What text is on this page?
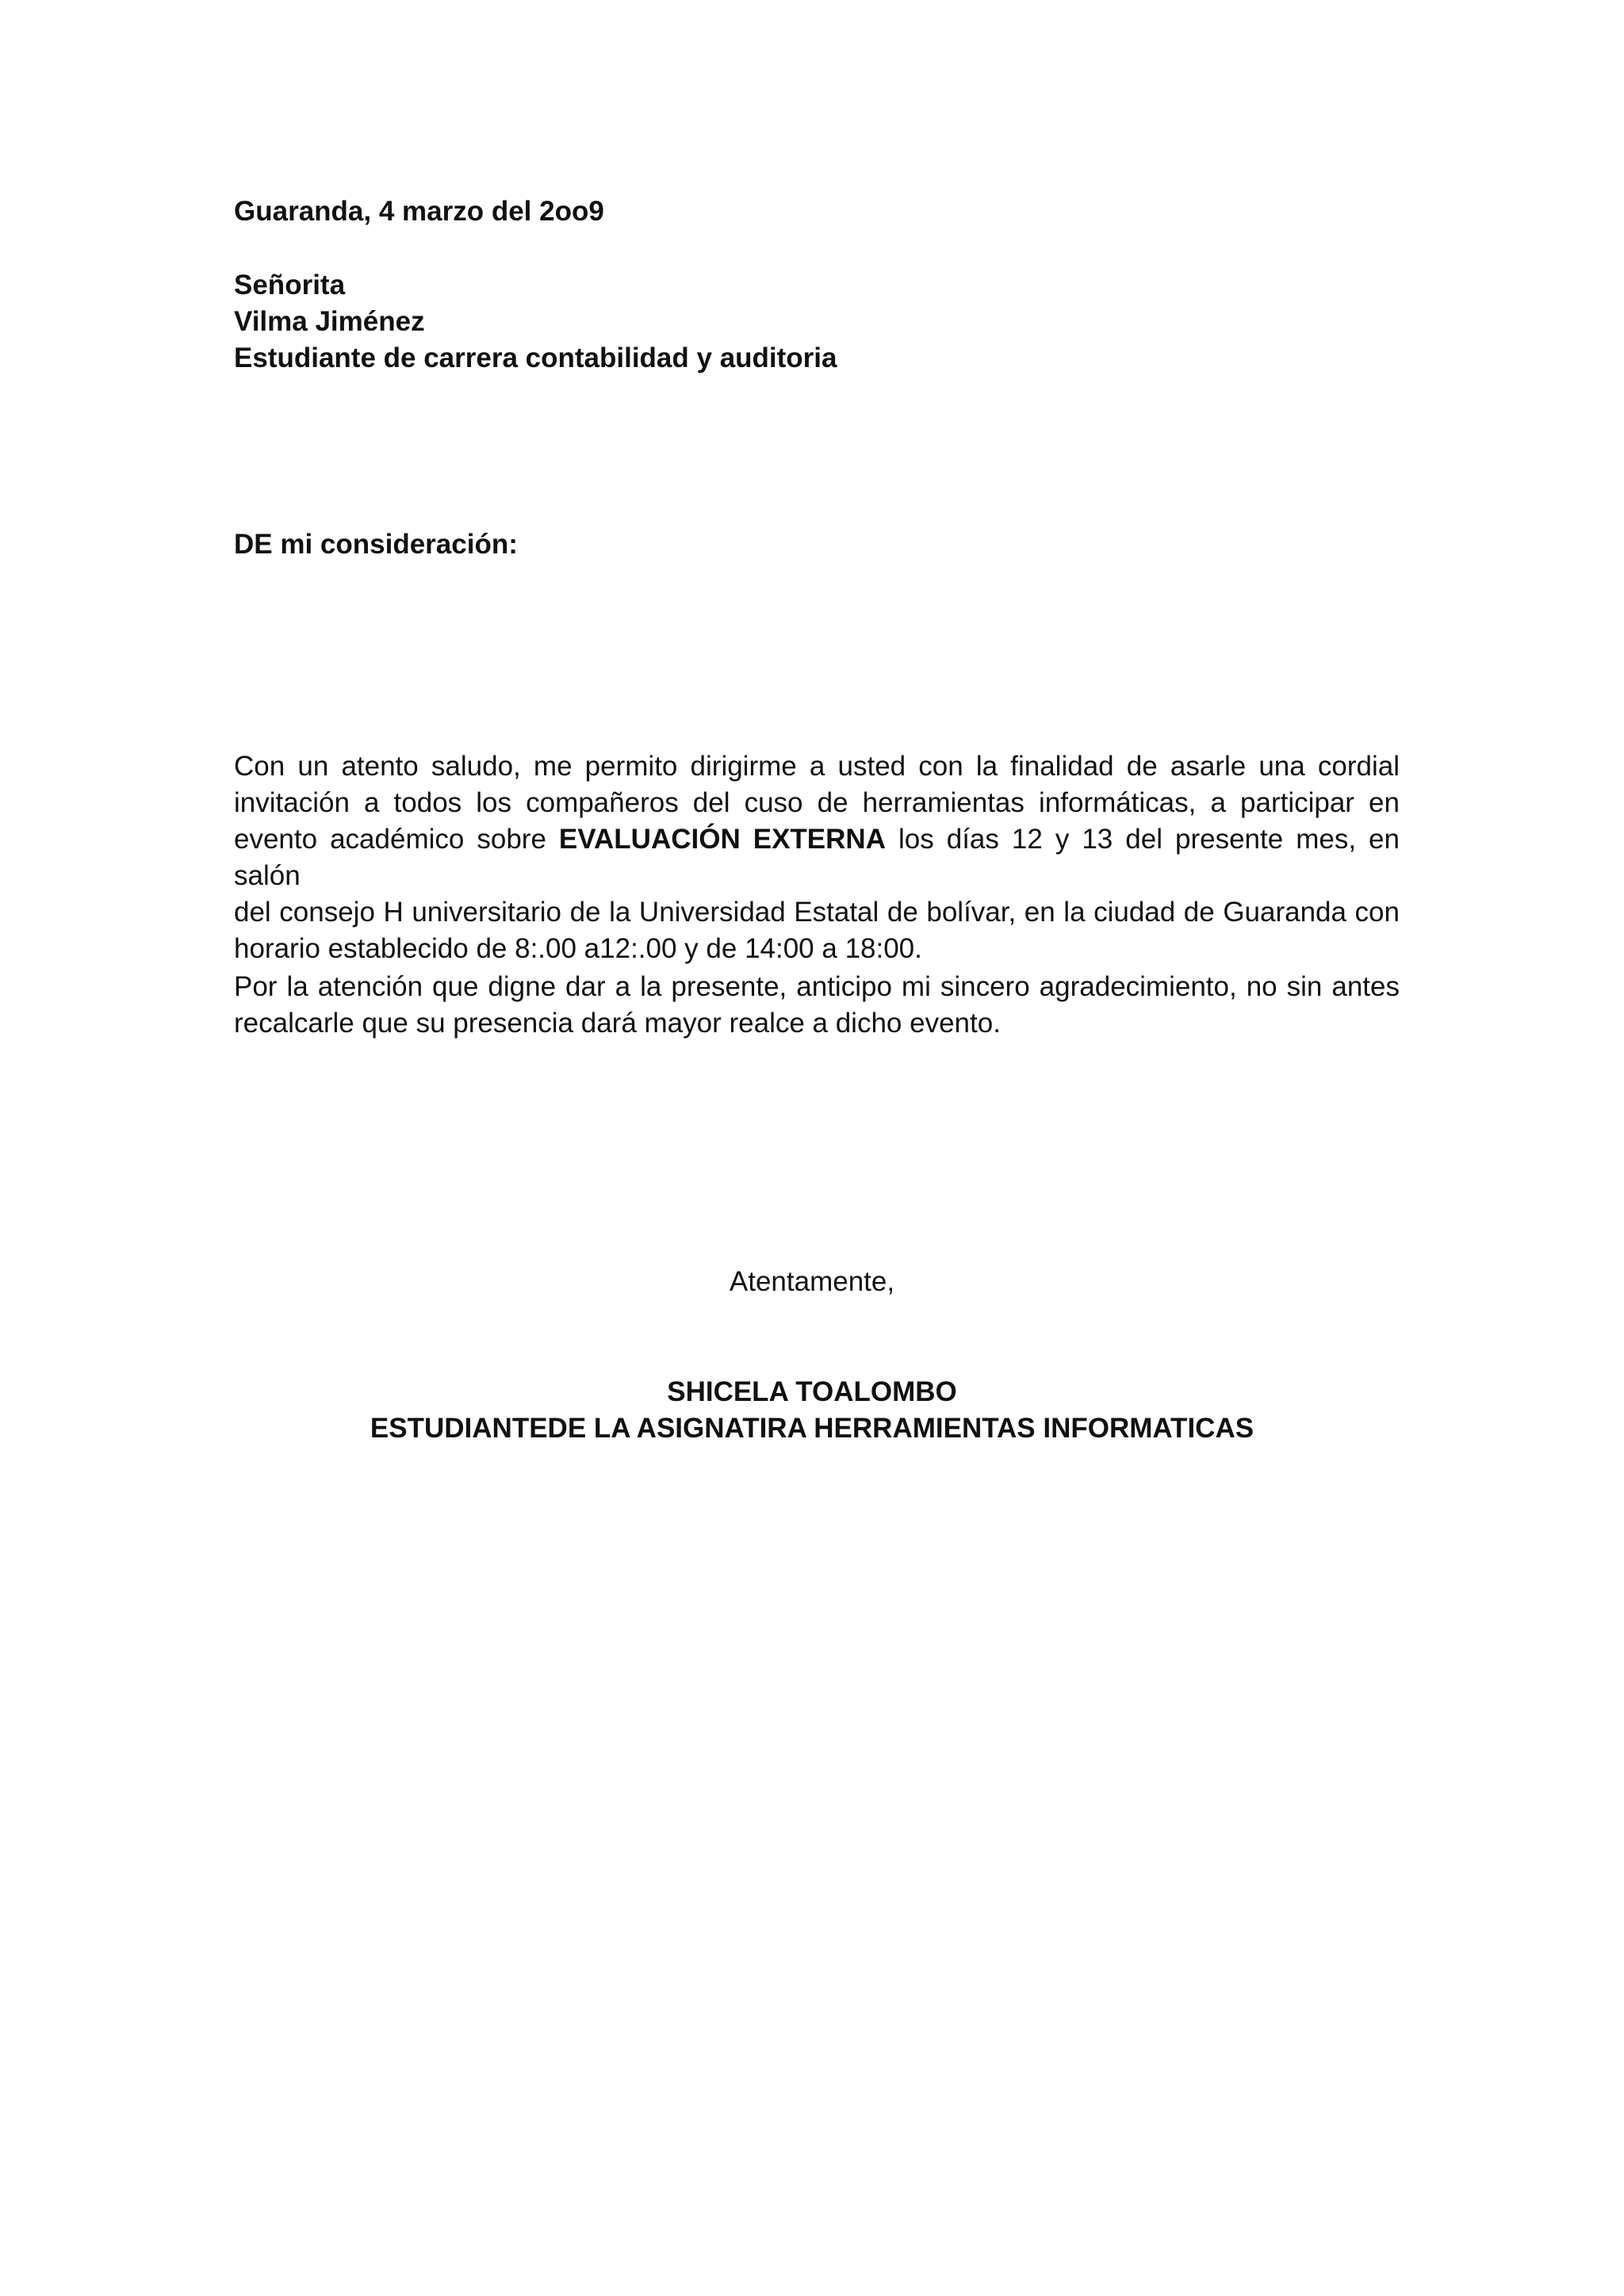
Guaranda, 4 marzo del 2oo9
Señorita
Vilma Jiménez
Estudiante de carrera contabilidad y auditoria
DE mi consideración:
Con un atento saludo, me permito dirigirme a usted con la finalidad de asarle una cordial
invitación a todos los compañeros del cuso de herramientas informáticas, a participar en
evento académico sobre EVALUACIÓN EXTERNA los días 12 y 13 del presente mes, en salón
del consejo H universitario de la Universidad Estatal de bolívar, en la ciudad de Guaranda con
horario establecido de 8:.00 a12:.00 y de 14:00 a 18:00.
Por la atención que digne dar a la presente, anticipo mi sincero agradecimiento, no sin antes
recalcarle que su presencia dará mayor realce a dicho evento.
Atentamente,
SHICELA TOALOMBO
ESTUDIANTEDE LA ASIGNATIRA HERRAMIENTAS INFORMATICAS
